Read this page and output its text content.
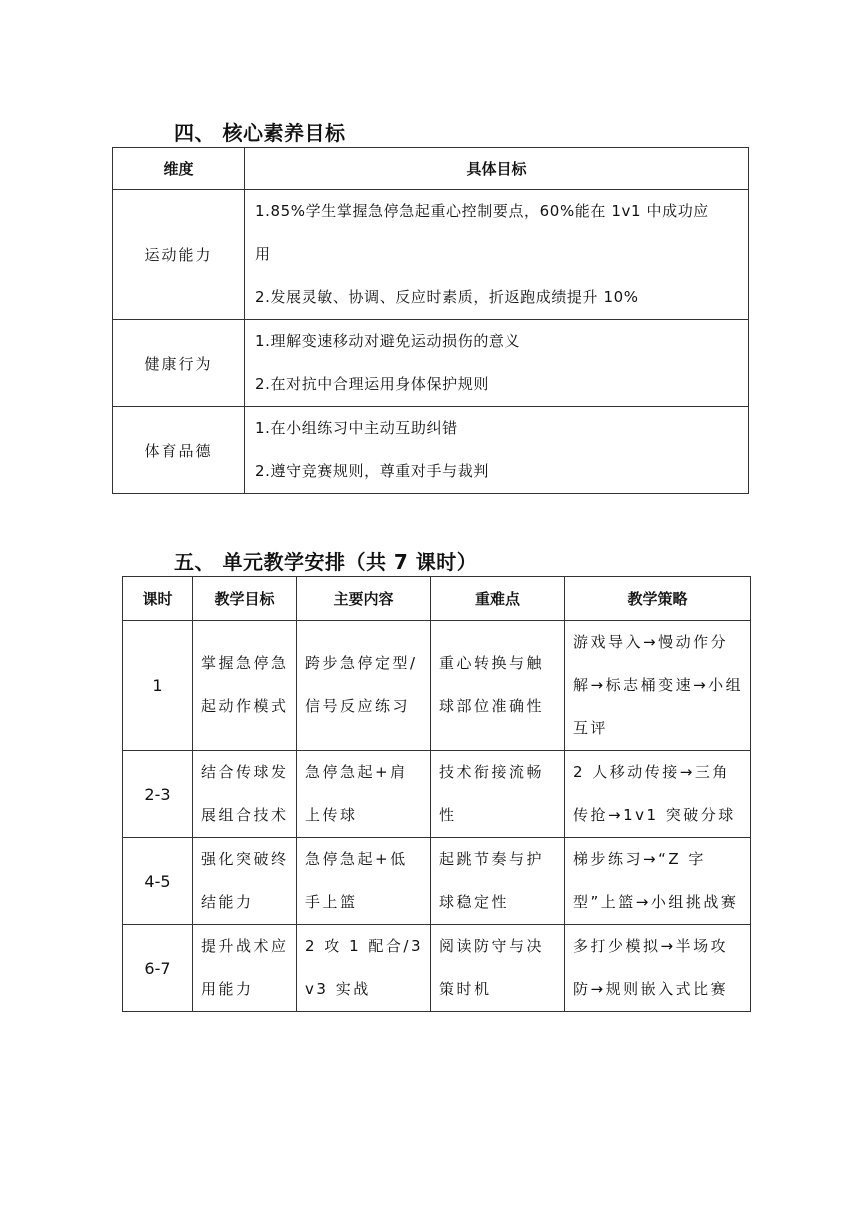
四、 核心素养目标
维度	具体目标
运动能力	1.85%学生掌握急停急起重心控制要点，60%能在 1v1 中成功应
用
2.发展灵敏、协调、反应时素质，折返跑成绩提升 10%

健康行为	1.理解变速移动对避免运动损伤的意义
2.在对抗中合理运用身体保护规则

体育品德	1.在小组练习中主动互助纠错
2.遵守竞赛规则，尊重对手与裁判
五、 单元教学安排（共 7 课时）
课时	教学目标	主要内容	重难点	教学策略
1	掌握急停急起动作模式	跨步急停定型/信号反应练习	重心转换与触球部位准确性	游戏导入→慢动作分解→标志桶变速→小组互评

2-3	结合传球发展组合技术	急停急起+肩上传球	技术衔接流畅性	2 人移动传接→三角传抢→1v1 突破分球

4-5	强化突破终结能力	急停急起+低手上篮	起跳节奏与护球稳定性	梯步练习→“Z 字型”上篮→小组挑战赛

6-7	提升战术应用能力	2 攻 1 配合/3v3 实战	阅读防守与决策时机	多打少模拟→半场攻防→规则嵌入式比赛
